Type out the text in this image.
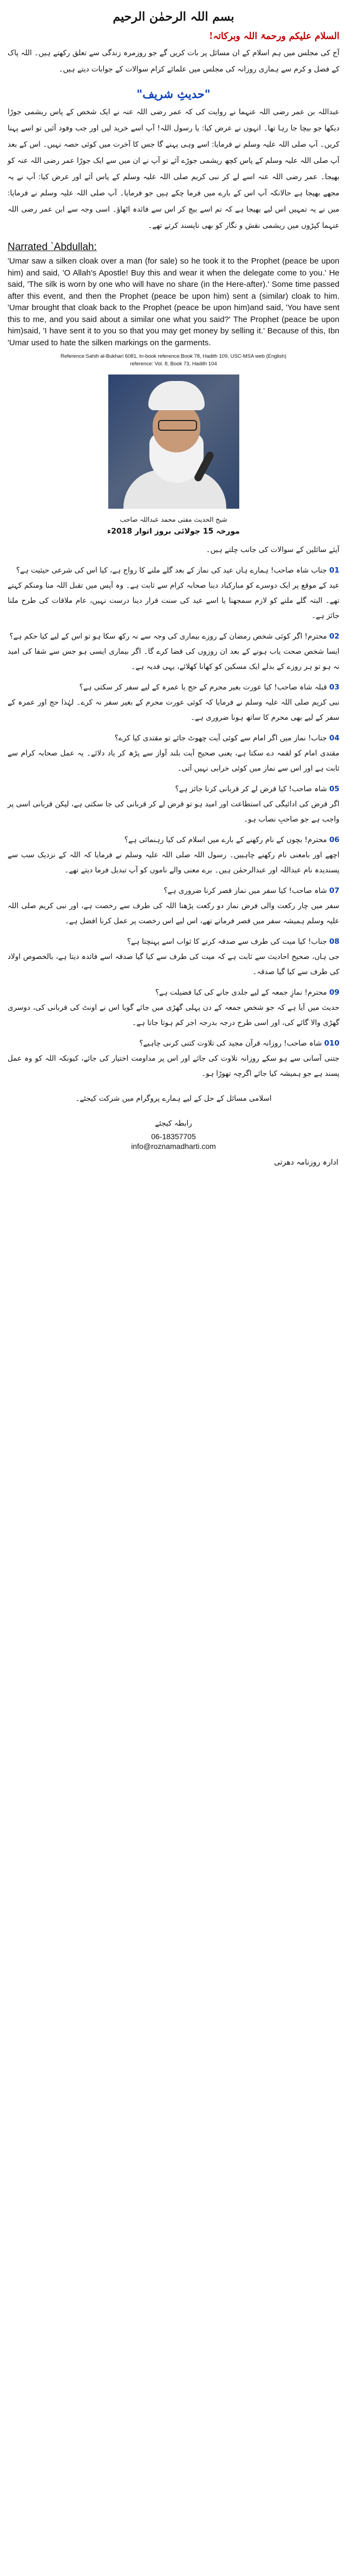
بسم اللہ الرحمٰن الرحیم
السلام علیکم ورحمۃ اللہ وبرکاتہ!
آج کی مجلس میں ہم اسلام کے ان مسائل پر بات کریں گے جو روزمرہ زندگی سے تعلق رکھتے ہیں۔ اللہ پاک کے فضل و کرم سے ہماری روزانہ کی مجلس میں علمائے کرام سوالات کے جوابات دیتے ہیں۔
"حدیثِ شریف"
عبداللہ بن عمر رضی اللہ عنہما نے روایت کی کہ عمر رضی اللہ عنہ نے ایک شخص کے پاس ریشمی جوڑا دیکھا جو بیچا جا رہا تھا۔ انہوں نے عرض کیا: یا رسول اللہ! آپ اسے خرید لیں اور جب وفود آئیں تو اسے پہنا کریں۔ آپ صلی اللہ علیہ وسلم نے فرمایا: اسے وہی پہنے گا جس کا آخرت میں کوئی حصہ نہیں۔ اس کے بعد آپ صلی اللہ علیہ وسلم کے پاس کچھ ریشمی جوڑے آئے تو آپ نے ان میں سے ایک جوڑا عمر رضی اللہ عنہ کو بھیجا۔ عمر رضی اللہ عنہ اسے لے کر نبی کریم صلی اللہ علیہ وسلم کے پاس آئے اور عرض کیا: آپ نے یہ مجھے بھیجا ہے حالانکہ آپ اس کے بارے میں فرما چکے ہیں جو فرمایا۔ آپ صلی اللہ علیہ وسلم نے فرمایا: میں نے یہ تمہیں اس لیے بھیجا ہے کہ تم اسے بیچ کر اس سے فائدہ اٹھاؤ۔ اسی وجہ سے ابن عمر رضی اللہ عنہما کپڑوں میں ریشمی نقش و نگار کو بھی ناپسند کرتے تھے۔
Narrated `Abdullah:
'Umar saw a silken cloak over a man (for sale) so he took it to the Prophet (peace be upon him) and said, 'O Allah's Apostle! Buy this and wear it when the delegate come to you.' He said, 'The silk is worn by one who will have no share (in the Here-after).' Some time passed after this event, and then the Prophet (peace be upon him) sent a (similar) cloak to him. 'Umar brought that cloak back to the Prophet (peace be upon him)and said, 'You have sent this to me, and you said about a similar one what you said?' The Prophet (peace be upon him)said, 'I have sent it to you so that you may get money by selling it.' Because of this, Ibn 'Umar used to hate the silken markings on the garments.
Reference:Sahih al-Bukhari 6081, In-book reference:Book 78, Hadith 109, USC-MSA web (English)
reference: Vol. 8, Book 73, Hadith 104
شیخ الحدیث مفتی محمد عبداللہ صاحب
مورخہ 15 جولائی بروز اتوار 2018ء
آیئے سائلین کے سوالات کی جانب چلتے ہیں۔
01 جناب شاہ صاحب! ہمارے ہاں عید کی نماز کے بعد گلے ملنے کا رواج ہے، کیا اس کی شرعی حیثیت ہے؟
عید کے موقع پر ایک دوسرے کو مبارکباد دینا صحابہ کرام سے ثابت ہے۔ وہ آپس میں تقبل اللہ منا ومنکم کہتے تھے۔ البتہ گلے ملنے کو لازم سمجھنا یا اسے عید کی سنت قرار دینا درست نہیں، عام ملاقات کی طرح ملنا جائز ہے۔
02 محترم! اگر کوئی شخص رمضان کے روزے بیماری کی وجہ سے نہ رکھ سکا ہو تو اس کے لیے کیا حکم ہے؟
ایسا شخص صحت یاب ہونے کے بعد ان روزوں کی قضا کرے گا۔ اگر بیماری ایسی ہو جس سے شفا کی امید نہ ہو تو ہر روزے کے بدلے ایک مسکین کو کھانا کھلائے، یہی فدیہ ہے۔
03 قبلہ شاہ صاحب! کیا عورت بغیر محرم کے حج یا عمرہ کے لیے سفر کر سکتی ہے؟
نبی کریم صلی اللہ علیہ وسلم نے فرمایا کہ کوئی عورت محرم کے بغیر سفر نہ کرے۔ لہٰذا حج اور عمرہ کے سفر کے لیے بھی محرم کا ساتھ ہونا ضروری ہے۔
04 جناب! نماز میں اگر امام سے کوئی آیت چھوٹ جائے تو مقتدی کیا کرے؟
مقتدی امام کو لقمہ دے سکتا ہے، یعنی صحیح آیت بلند آواز سے پڑھ کر یاد دلائے۔ یہ عمل صحابہ کرام سے ثابت ہے اور اس سے نماز میں کوئی خرابی نہیں آتی۔
05 شاہ صاحب! کیا قرض لے کر قربانی کرنا جائز ہے؟
اگر قرض کی ادائیگی کی استطاعت اور امید ہو تو قرض لے کر قربانی کی جا سکتی ہے، لیکن قربانی اسی پر واجب ہے جو صاحبِ نصاب ہو۔
06 محترم! بچوں کے نام رکھنے کے بارے میں اسلام کی کیا رہنمائی ہے؟
اچھے اور بامعنی نام رکھنے چاہییں۔ رسول اللہ صلی اللہ علیہ وسلم نے فرمایا کہ اللہ کے نزدیک سب سے پسندیدہ نام عبداللہ اور عبدالرحمٰن ہیں۔ برے معنی والے ناموں کو آپ تبدیل فرما دیتے تھے۔
07 شاہ صاحب! کیا سفر میں نماز قصر کرنا ضروری ہے؟
سفر میں چار رکعت والی فرض نماز دو رکعت پڑھنا اللہ کی طرف سے رخصت ہے، اور نبی کریم صلی اللہ علیہ وسلم ہمیشہ سفر میں قصر فرماتے تھے، اس لیے اس رخصت پر عمل کرنا افضل ہے۔
08 جناب! کیا میت کی طرف سے صدقہ کرنے کا ثواب اسے پہنچتا ہے؟
جی ہاں، صحیح احادیث سے ثابت ہے کہ میت کی طرف سے کیا گیا صدقہ اسے فائدہ دیتا ہے، بالخصوص اولاد کی طرف سے کیا گیا صدقہ۔
09 محترم! نمازِ جمعہ کے لیے جلدی جانے کی کیا فضیلت ہے؟
حدیث میں آیا ہے کہ جو شخص جمعہ کے دن پہلی گھڑی میں جائے گویا اس نے اونٹ کی قربانی کی، دوسری گھڑی والا گائے کی، اور اسی طرح درجہ بدرجہ اجر کم ہوتا جاتا ہے۔
010 شاہ صاحب! روزانہ قرآن مجید کی تلاوت کتنی کرنی چاہیے؟
جتنی آسانی سے ہو سکے روزانہ تلاوت کی جائے اور اس پر مداومت اختیار کی جائے، کیونکہ اللہ کو وہ عمل پسند ہے جو ہمیشہ کیا جائے اگرچہ تھوڑا ہو۔
اسلامی مسائل کے حل کے لیے ہمارے پروگرام میں شرکت کیجئے۔
رابطہ کیجئے
06-18357705
info@roznamadharti.com
ادارہ روزنامہ دھرتی
